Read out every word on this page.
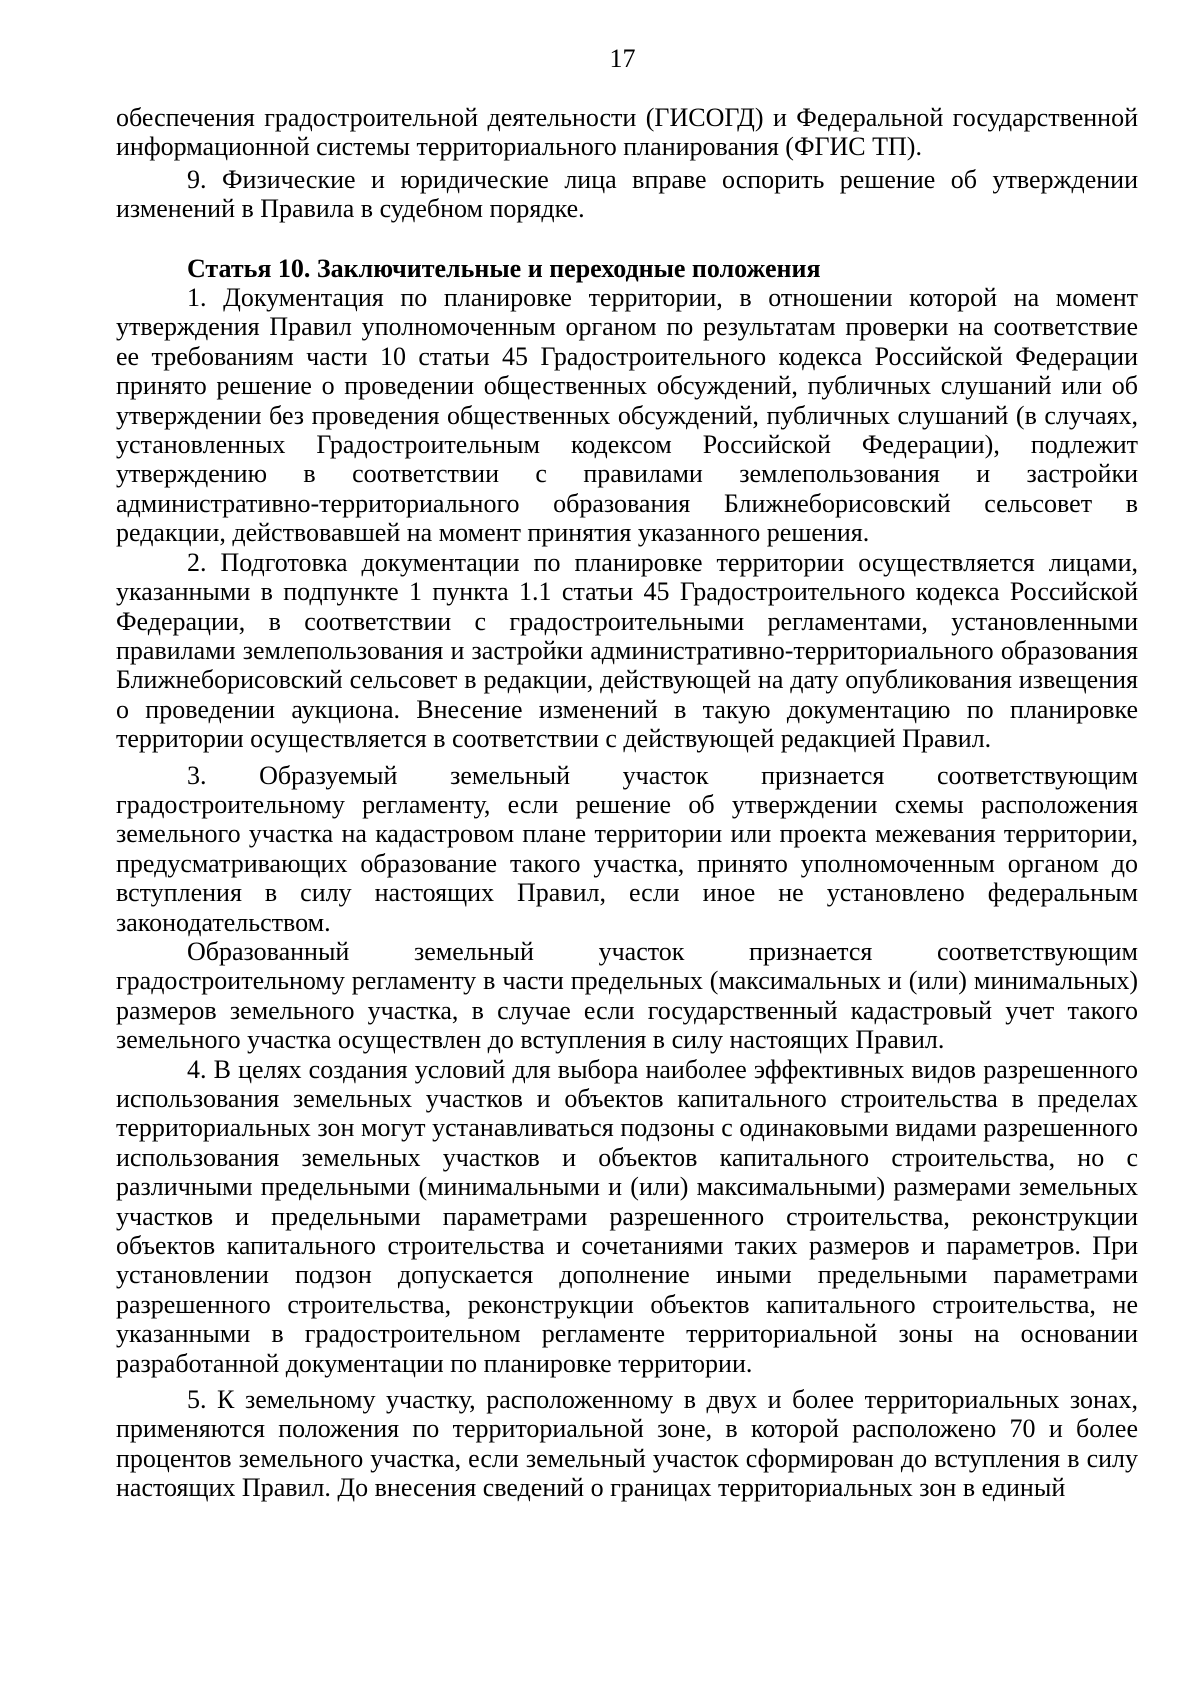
17

обеспечения градостроительной деятельности (ГИСОГД) и Федеральной государственной информационной системы территориального планирования (ФГИС ТП).

9. Физические и юридические лица вправе оспорить решение об утверждении изменений в Правила в судебном порядке.

Статья 10. Заключительные и переходные положения

1. Документация по планировке территории, в отношении которой на момент утверждения Правил уполномоченным органом по результатам проверки на соответствие ее требованиям части 10 статьи 45 Градостроительного кодекса Российской Федерации принято решение о проведении общественных обсуждений, публичных слушаний или об утверждении без проведения общественных обсуждений, публичных слушаний (в случаях, установленных Градостроительным кодексом Российской Федерации), подлежит утверждению в соответствии с правилами землепользования и застройки административно-территориального образования Ближнеборисовский сельсовет в редакции, действовавшей на момент принятия указанного решения.

2. Подготовка документации по планировке территории осуществляется лицами, указанными в подпункте 1 пункта 1.1 статьи 45 Градостроительного кодекса Российской Федерации, в соответствии с градостроительными регламентами, установленными правилами землепользования и застройки административно-территориального образования Ближнеборисовский сельсовет в редакции, действующей на дату опубликования извещения о проведении аукциона. Внесение изменений в такую документацию по планировке территории осуществляется в соответствии с действующей редакцией Правил.

3. Образуемый земельный участок признается соответствующим градостроительному регламенту, если решение об утверждении схемы расположения земельного участка на кадастровом плане территории или проекта межевания территории, предусматривающих образование такого участка, принято уполномоченным органом до вступления в силу настоящих Правил, если иное не установлено федеральным законодательством.

Образованный земельный участок признается соответствующим градостроительному регламенту в части предельных (максимальных и (или) минимальных) размеров земельного участка, в случае если государственный кадастровый учет такого земельного участка осуществлен до вступления в силу настоящих Правил.

4. В целях создания условий для выбора наиболее эффективных видов разрешенного использования земельных участков и объектов капитального строительства в пределах территориальных зон могут устанавливаться подзоны с одинаковыми видами разрешенного использования земельных участков и объектов капитального строительства, но с различными предельными (минимальными и (или) максимальными) размерами земельных участков и предельными параметрами разрешенного строительства, реконструкции объектов капитального строительства и сочетаниями таких размеров и параметров. При установлении подзон допускается дополнение иными предельными параметрами разрешенного строительства, реконструкции объектов капитального строительства, не указанными в градостроительном регламенте территориальной зоны на основании разработанной документации по планировке территории.

5. К земельному участку, расположенному в двух и более территориальных зонах, применяются положения по территориальной зоне, в которой расположено 70 и более процентов земельного участка, если земельный участок сформирован до вступления в силу настоящих Правил. До внесения сведений о границах территориальных зон в единый
